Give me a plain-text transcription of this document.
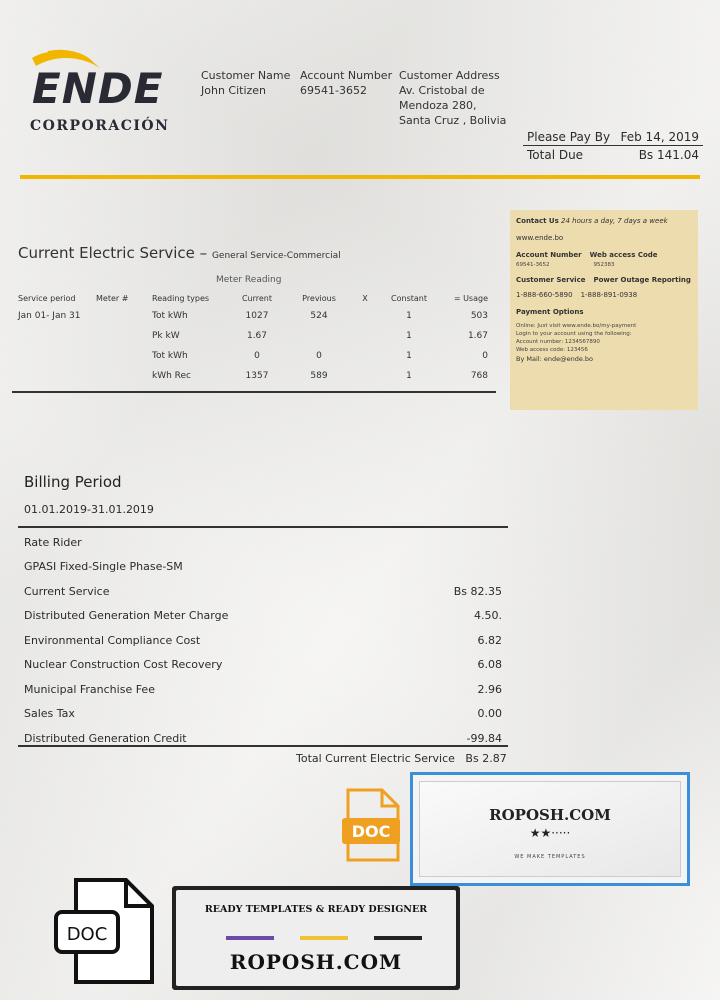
ENDE
CORPORACIÓN
Customer Name
John Citizen
Account Number
69541-3652
Customer Address
Av. Cristobal de
Mendoza 280,
Santa Cruz , Bolivia
Please Pay By Feb 14, 2019
Total Due	Bs 141.04
Contact Us 24 hours a day, 7 days a week
www.ende.bo
Account Number Web access Code
69541-3652	952383
Customer Service Power Outage Reporting
1-888-660-5890 1-888-891-0938
Payment Options
Online: Just visit www.ende.bo/my-payment
Login to your account using the following:
Account number: 1234567890
Web access code: 123456
By Mail: ende@ende.bo
Current Electric Service – General Service-Commercial
Meter Reading
Service period	Meter #	Reading types	Current	Previous	X	Constant	= Usage
Jan 01- Jan 31		Tot kWh	1027	524		1	503
		Pk kW	1.67			1	1.67
		Tot kWh	0	0		1	0
		kWh Rec	1357	589		1	768
Billing Period
01.01.2019-31.01.2019
Rate Rider
GPASI Fixed-Single Phase-SM
Current Service	Bs 82.35
Distributed Generation Meter Charge	4.50.
Environmental Compliance Cost	6.82
Nuclear Construction Cost Recovery	6.08
Municipal Franchise Fee	2.96
Sales Tax	0.00
Distributed Generation Credit	-99.84
Total Current Electric Service Bs 2.87
DOC
ROPOSH.COM
★★·····
WE MAKE TEMPLATES
DOC
READY TEMPLATES & READY DESIGNER
ROPOSH.COM
